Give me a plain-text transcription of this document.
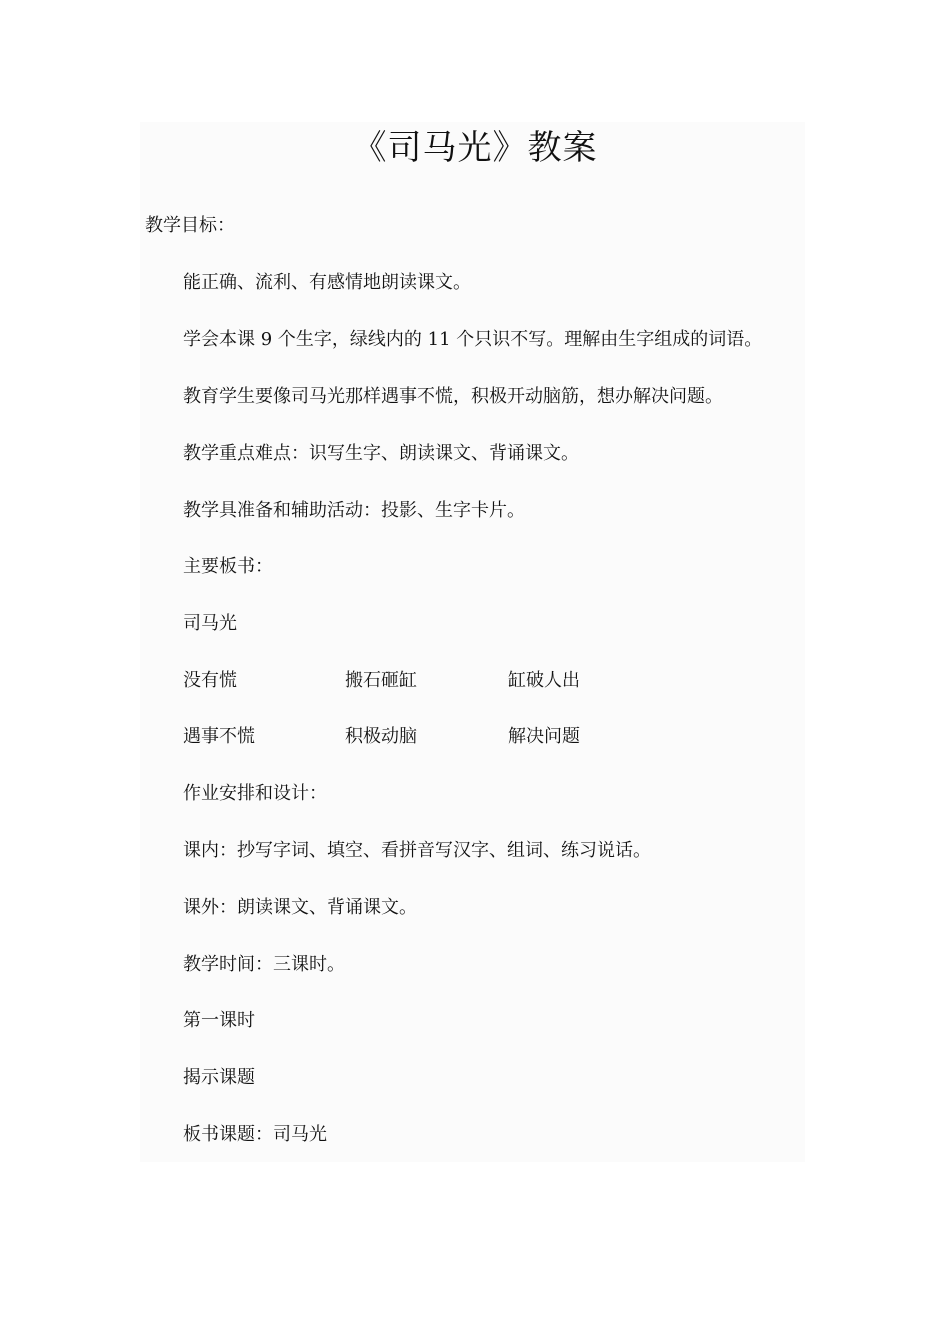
《司马光》教案
教学目标：
能正确、流利、有感情地朗读课文。
学会本课 9 个生字，绿线内的 11 个只识不写。理解由生字组成的词语。
教育学生要像司马光那样遇事不慌，积极开动脑筋，想办解决问题。
教学重点难点：识写生字、朗读课文、背诵课文。
教学具准备和辅助活动：投影、生字卡片。
主要板书：
司马光
没有慌	搬石砸缸	缸破人出
遇事不慌	积极动脑	解决问题
作业安排和设计：
课内：抄写字词、填空、看拼音写汉字、组词、练习说话。
课外：朗读课文、背诵课文。
教学时间：三课时。
第一课时
揭示课题
板书课题：司马光
